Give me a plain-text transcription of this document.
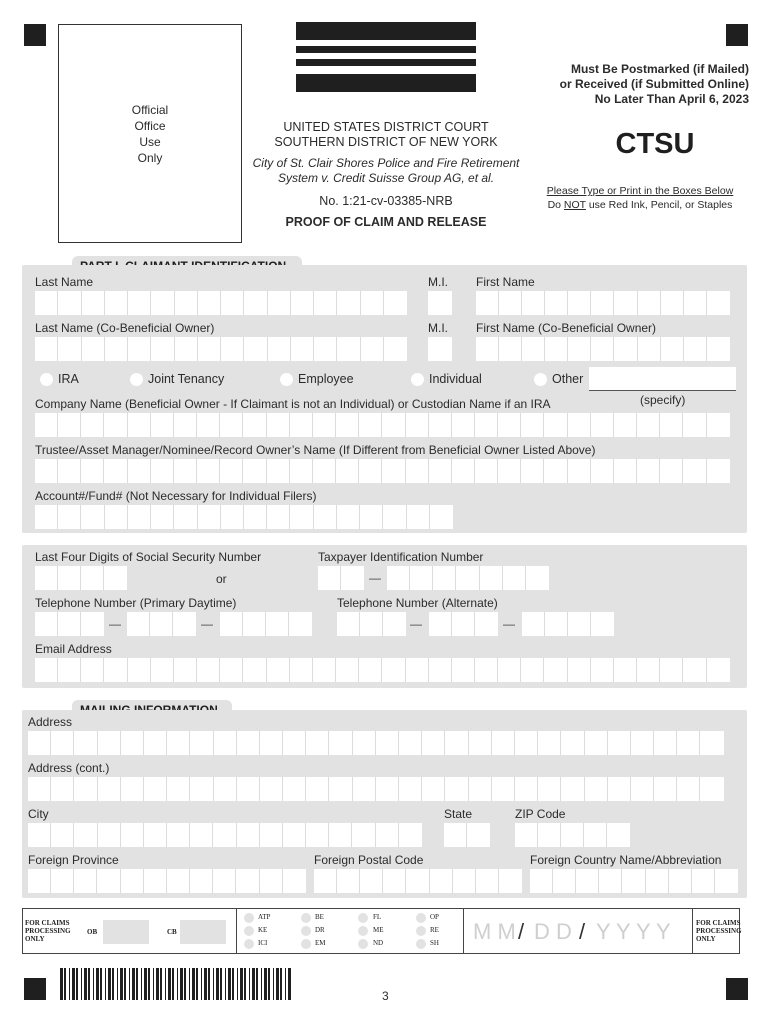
Official
Office
Use
Only
UNITED STATES DISTRICT COURT
SOUTHERN DISTRICT OF NEW YORK
City of St. Clair Shores Police and Fire Retirement
System v. Credit Suisse Group AG, et al.
No. 1:21-cv-03385-NRB
PROOF OF CLAIM AND RELEASE
Must Be Postmarked (if Mailed)
or Received (if Submitted Online)
No Later Than April 6, 2023
CTSU
Please Type or Print in the Boxes Below
Do NOT use Red Ink, Pencil, or Staples
Last Name	M.I. First Name
Last Name (Co-Beneficial Owner)	M.I. First Name (Co-Beneficial Owner)
IRA	Joint Tenancy	Employee	Individual	Other
(specify)
Company Name (Beneficial Owner - If Claimant is not an Individual) or Custodian Name if an IRA
Trustee/Asset Manager/Nominee/Record Owner’s Name (If Different from Beneficial Owner Listed Above)
Account#/Fund# (Not Necessary for Individual Filers)
Last Four Digits of Social Security Number	Taxpayer Identification Number
or	—
Telephone Number (Primary Daytime)	Telephone Number (Alternate)
—	—	—	—
Email Address
Address
Address (cont.)
City	State	ZIP Code
Foreign Province	Foreign Postal Code	Foreign Country Name/Abbreviation
FOR CLAIMS
PROCESSING
ONLY
OB	CB
ATP
KE
ICI
BE
DR
EM
FL
ME
ND
OP
RE
SH M M / D D / Y Y Y Y	FOR CLAIMS
PROCESSING
ONLY
3
